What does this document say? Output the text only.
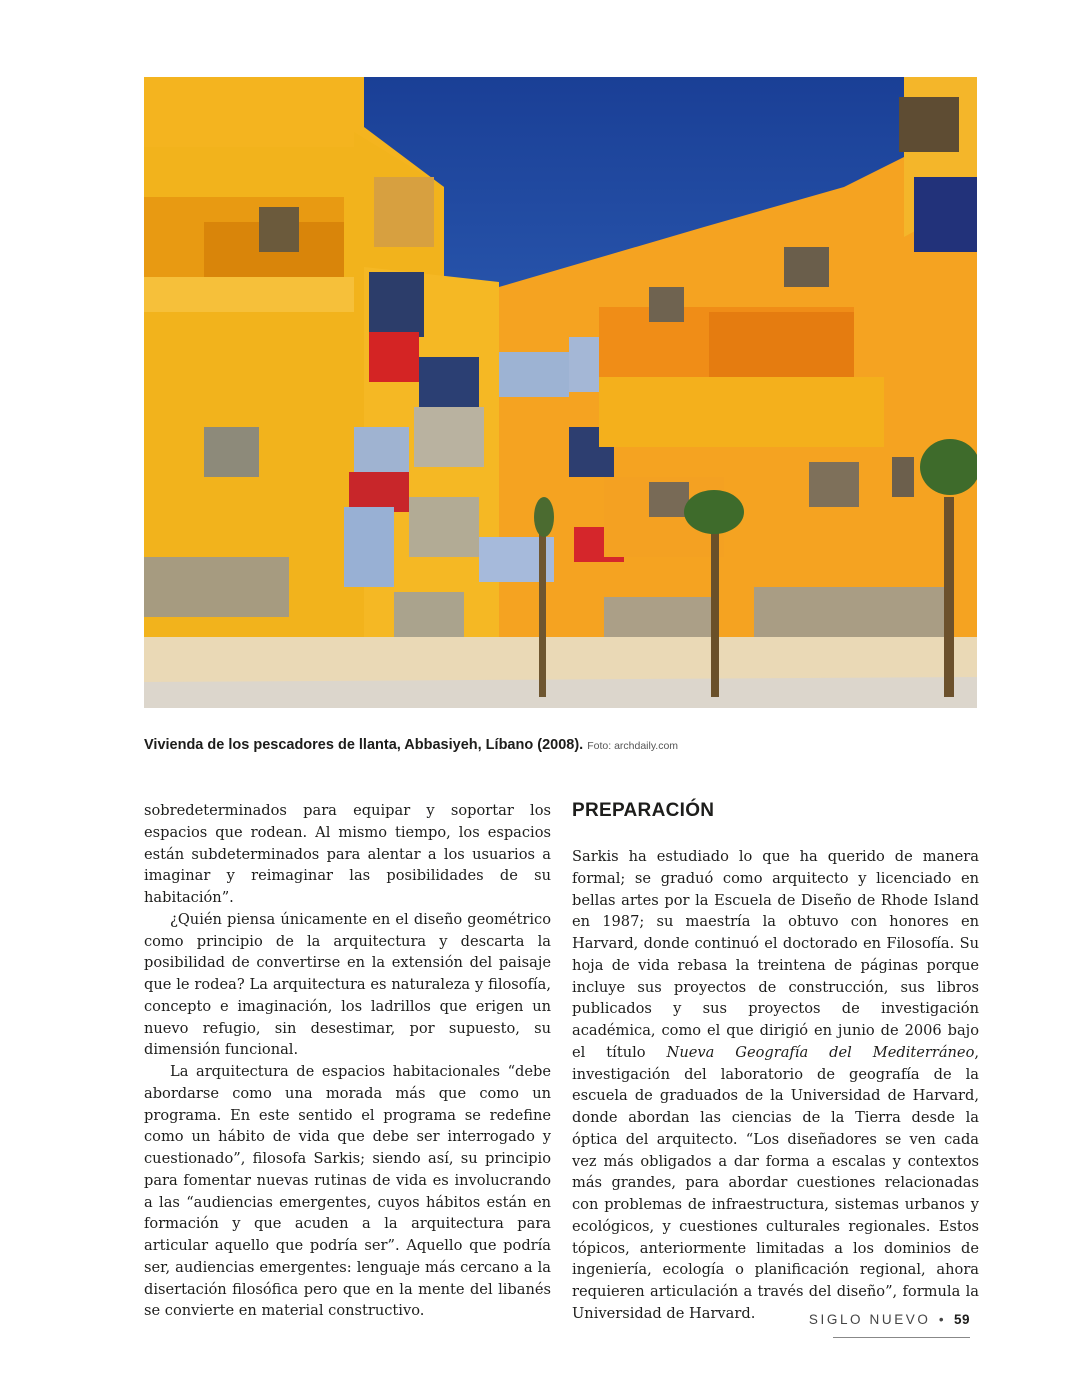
Vivienda de los pescadores de llanta, Abbasiyeh, Líbano (2008). Foto: archdaily.com

sobredeterminados para equipar y soportar los espacios que rodean. Al mismo tiempo, los espacios están subdeterminados para alentar a los usuarios a imaginar y reimaginar las posibilidades de su habitación”.

¿Quién piensa únicamente en el diseño geométrico como principio de la arquitectura y descarta la posibilidad de convertirse en la extensión del paisaje que le rodea? La arquitectura es naturaleza y filosofía, concepto e imaginación, los ladrillos que erigen un nuevo refugio, sin desestimar, por supuesto, su dimensión funcional.

La arquitectura de espacios habitacionales “debe abordarse como una morada más que como un programa. En este sentido el programa se redefine como un hábito de vida que debe ser interrogado y cuestionado”, filosofa Sarkis; siendo así, su principio para fomentar nuevas rutinas de vida es involucrando a las “audiencias emergentes, cuyos hábitos están en formación y que acuden a la arquitectura para articular aquello que podría ser”. Aquello que podría ser, audiencias emergentes: lenguaje más cercano a la disertación filosófica pero que en la mente del libanés se convierte en material constructivo.

PREPARACIÓN

Sarkis ha estudiado lo que ha querido de manera formal; se graduó como arquitecto y licenciado en bellas artes por la Escuela de Diseño de Rhode Island en 1987; su maestría la obtuvo con honores en Harvard, donde continuó el doctorado en Filosofía. Su hoja de vida rebasa la treintena de páginas porque incluye sus proyectos de construcción, sus libros publicados y sus proyectos de investigación académica, como el que dirigió en junio de 2006 bajo el título Nueva Geografía del Mediterráneo, investigación del laboratorio de geografía de la escuela de graduados de la Universidad de Harvard, donde abordan las ciencias de la Tierra desde la óptica del arquitecto. “Los diseñadores se ven cada vez más obligados a dar forma a escalas y contextos más grandes, para abordar cuestiones relacionadas con problemas de infraestructura, sistemas urbanos y ecológicos, y cuestiones culturales regionales. Estos tópicos, anteriormente limitadas a los dominios de ingeniería, ecología o planificación regional, ahora requieren articulación a través del diseño”, formula la Universidad de Harvard.	SIGLO NUEVO • 59
